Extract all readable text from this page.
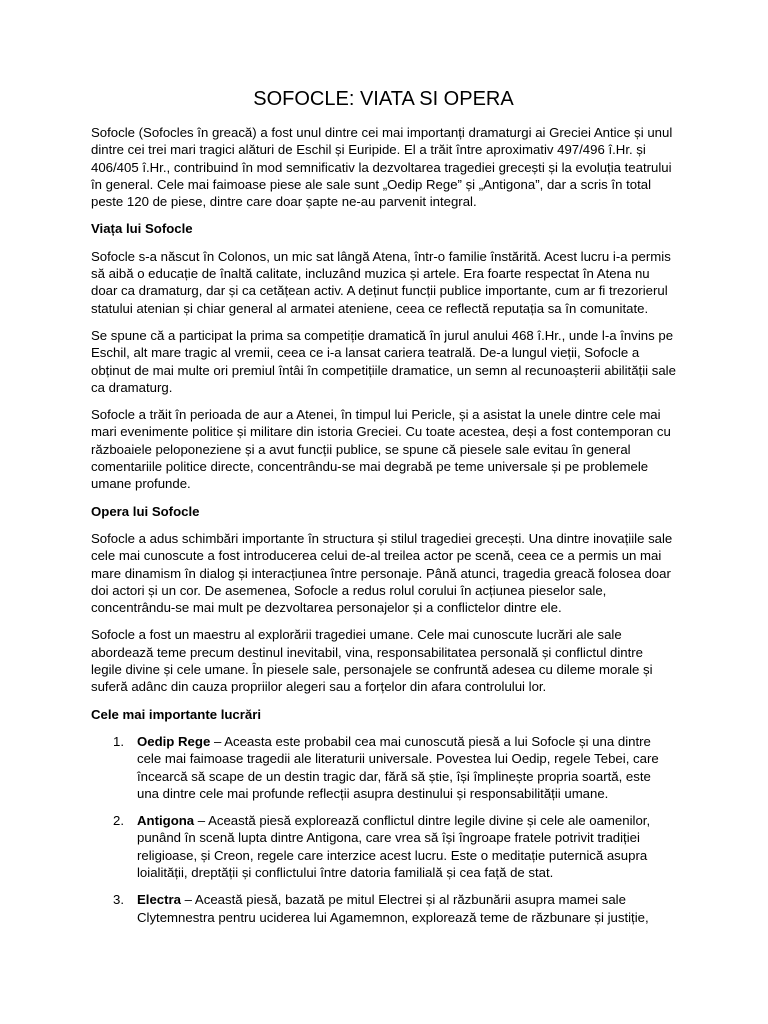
SOFOCLE: VIATA SI OPERA

Sofocle (Sofocles în greacă) a fost unul dintre cei mai importanți dramaturgi ai Greciei Antice și unul dintre cei trei mari tragici alături de Eschil și Euripide. El a trăit între aproximativ 497/496 î.Hr. și 406/405 î.Hr., contribuind în mod semnificativ la dezvoltarea tragediei grecești și la evoluția teatrului în general. Cele mai faimoase piese ale sale sunt „Oedip Rege” și „Antigona”, dar a scris în total peste 120 de piese, dintre care doar șapte ne-au parvenit integral.

Viața lui Sofocle

Sofocle s-a născut în Colonos, un mic sat lângă Atena, într-o familie înstărită. Acest lucru i-a permis să aibă o educație de înaltă calitate, incluzând muzica și artele. Era foarte respectat în Atena nu doar ca dramaturg, dar și ca cetățean activ. A deținut funcții publice importante, cum ar fi trezorierul statului atenian și chiar general al armatei ateniene, ceea ce reflectă reputația sa în comunitate.

Se spune că a participat la prima sa competiție dramatică în jurul anului 468 î.Hr., unde l-a învins pe Eschil, alt mare tragic al vremii, ceea ce i-a lansat cariera teatrală. De-a lungul vieții, Sofocle a obținut de mai multe ori premiul întâi în competițiile dramatice, un semn al recunoașterii abilității sale ca dramaturg.

Sofocle a trăit în perioada de aur a Atenei, în timpul lui Pericle, și a asistat la unele dintre cele mai mari evenimente politice și militare din istoria Greciei. Cu toate acestea, deși a fost contemporan cu războaiele peloponeziene și a avut funcții publice, se spune că piesele sale evitau în general comentariile politice directe, concentrându-se mai degrabă pe teme universale și pe problemele umane profunde.

Opera lui Sofocle

Sofocle a adus schimbări importante în structura și stilul tragediei grecești. Una dintre inovațiile sale cele mai cunoscute a fost introducerea celui de-al treilea actor pe scenă, ceea ce a permis un mai mare dinamism în dialog și interacțiunea între personaje. Până atunci, tragedia greacă folosea doar doi actori și un cor. De asemenea, Sofocle a redus rolul corului în acțiunea pieselor sale, concentrându-se mai mult pe dezvoltarea personajelor și a conflictelor dintre ele.

Sofocle a fost un maestru al explorării tragediei umane. Cele mai cunoscute lucrări ale sale abordează teme precum destinul inevitabil, vina, responsabilitatea personală și conflictul dintre legile divine și cele umane. În piesele sale, personajele se confruntă adesea cu dileme morale și suferă adânc din cauza propriilor alegeri sau a forțelor din afara controlului lor.

Cele mai importante lucrări
1. Oedip Rege – Aceasta este probabil cea mai cunoscută piesă a lui Sofocle și una dintre cele mai faimoase tragedii ale literaturii universale. Povestea lui Oedip, regele Tebei, care încearcă să scape de un destin tragic dar, fără să știe, își împlinește propria soartă, este una dintre cele mai profunde reflecții asupra destinului și responsabilității umane.
2. Antigona – Această piesă explorează conflictul dintre legile divine și cele ale oamenilor, punând în scenă lupta dintre Antigona, care vrea să își îngroape fratele potrivit tradiției religioase, și Creon, regele care interzice acest lucru. Este o meditație puternică asupra loialității, dreptății și conflictului între datoria familială și cea față de stat.
3. Electra – Această piesă, bazată pe mitul Electrei și al răzbunării asupra mamei sale Clytemnestra pentru uciderea lui Agamemnon, explorează teme de răzbunare și justiție,
